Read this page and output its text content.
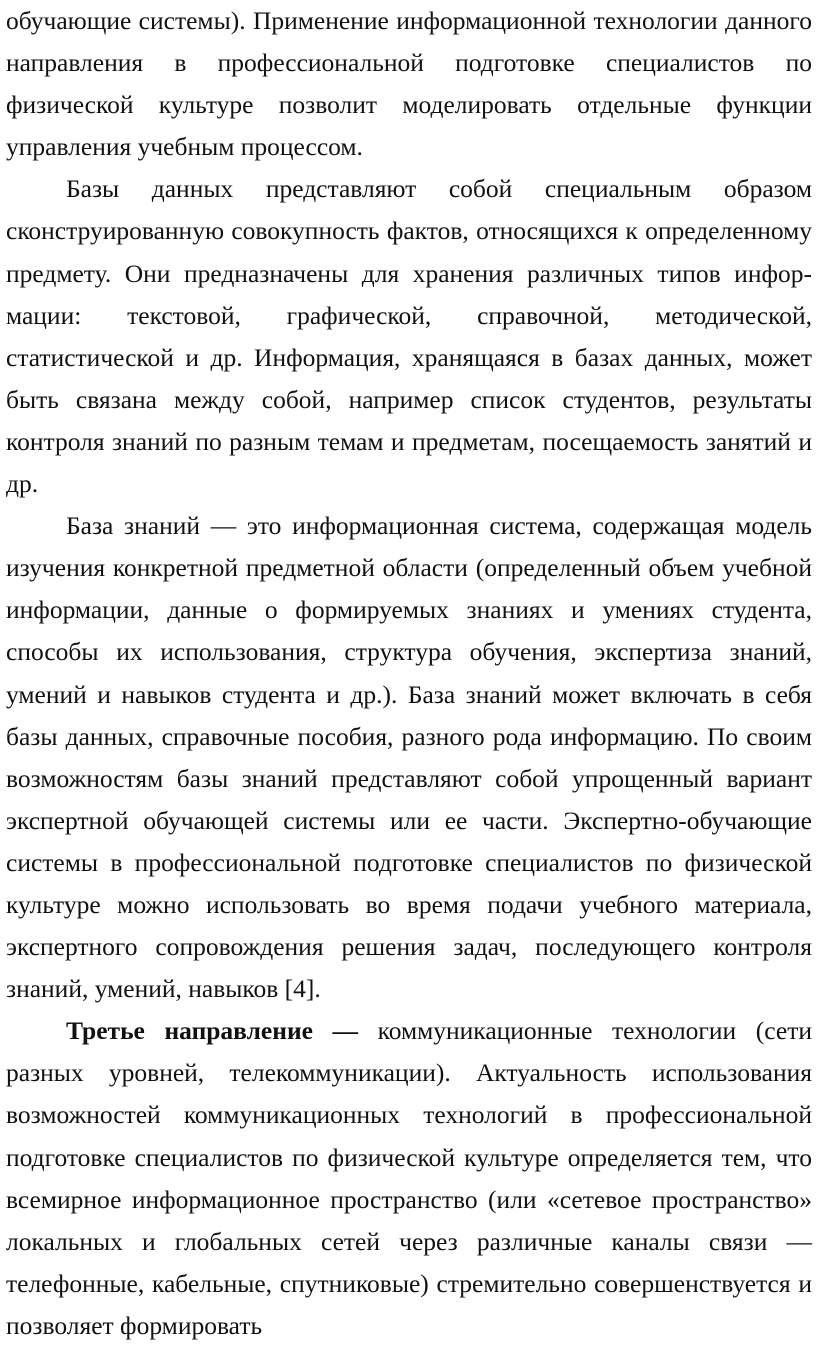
обучающие системы). Применение информационной технологии данного направления в профессиональной подготовке специалистов по физической культуре позволит моделировать отдельные функции управления учебным процессом.

Базы данных представляют собой специальным образом сконструированную совокупность фактов, относящихся к определенному предмету. Они предназначены для хранения различных типов инфор-мации: текстовой, графической, справочной, методической, статистической и др. Информация, хранящаяся в базах данных, может быть связана между собой, например список студентов, результаты контроля знаний по разным темам и предметам, посещаемость занятий и др.

База знаний — это информационная система, содержащая модель изучения конкретной предметной области (определенный объем учебной информации, данные о формируемых знаниях и умениях студента, способы их использования, структура обучения, экспертиза знаний, умений и навыков студента и др.). База знаний может включать в себя базы данных, справочные пособия, разного рода информацию. По своим возможностям базы знаний представляют собой упрощенный вариант экспертной обучающей системы или ее части. Экспертно-обучающие системы в профессиональной подготовке специалистов по физической культуре можно использовать во время подачи учебного материала, экспертного сопровождения решения задач, последующего контроля знаний, умений, навыков [4].

Третье направление — коммуникационные технологии (сети разных уровней, телекоммуникации). Актуальность использования возможностей коммуникационных технологий в профессиональной подготовке специалистов по физической культуре определяется тем, что всемирное информационное пространство (или «сетевое пространство» локальных и глобальных сетей через различные каналы связи — телефонные, кабельные, спутниковые) стремительно совершенствуется и позволяет формировать
